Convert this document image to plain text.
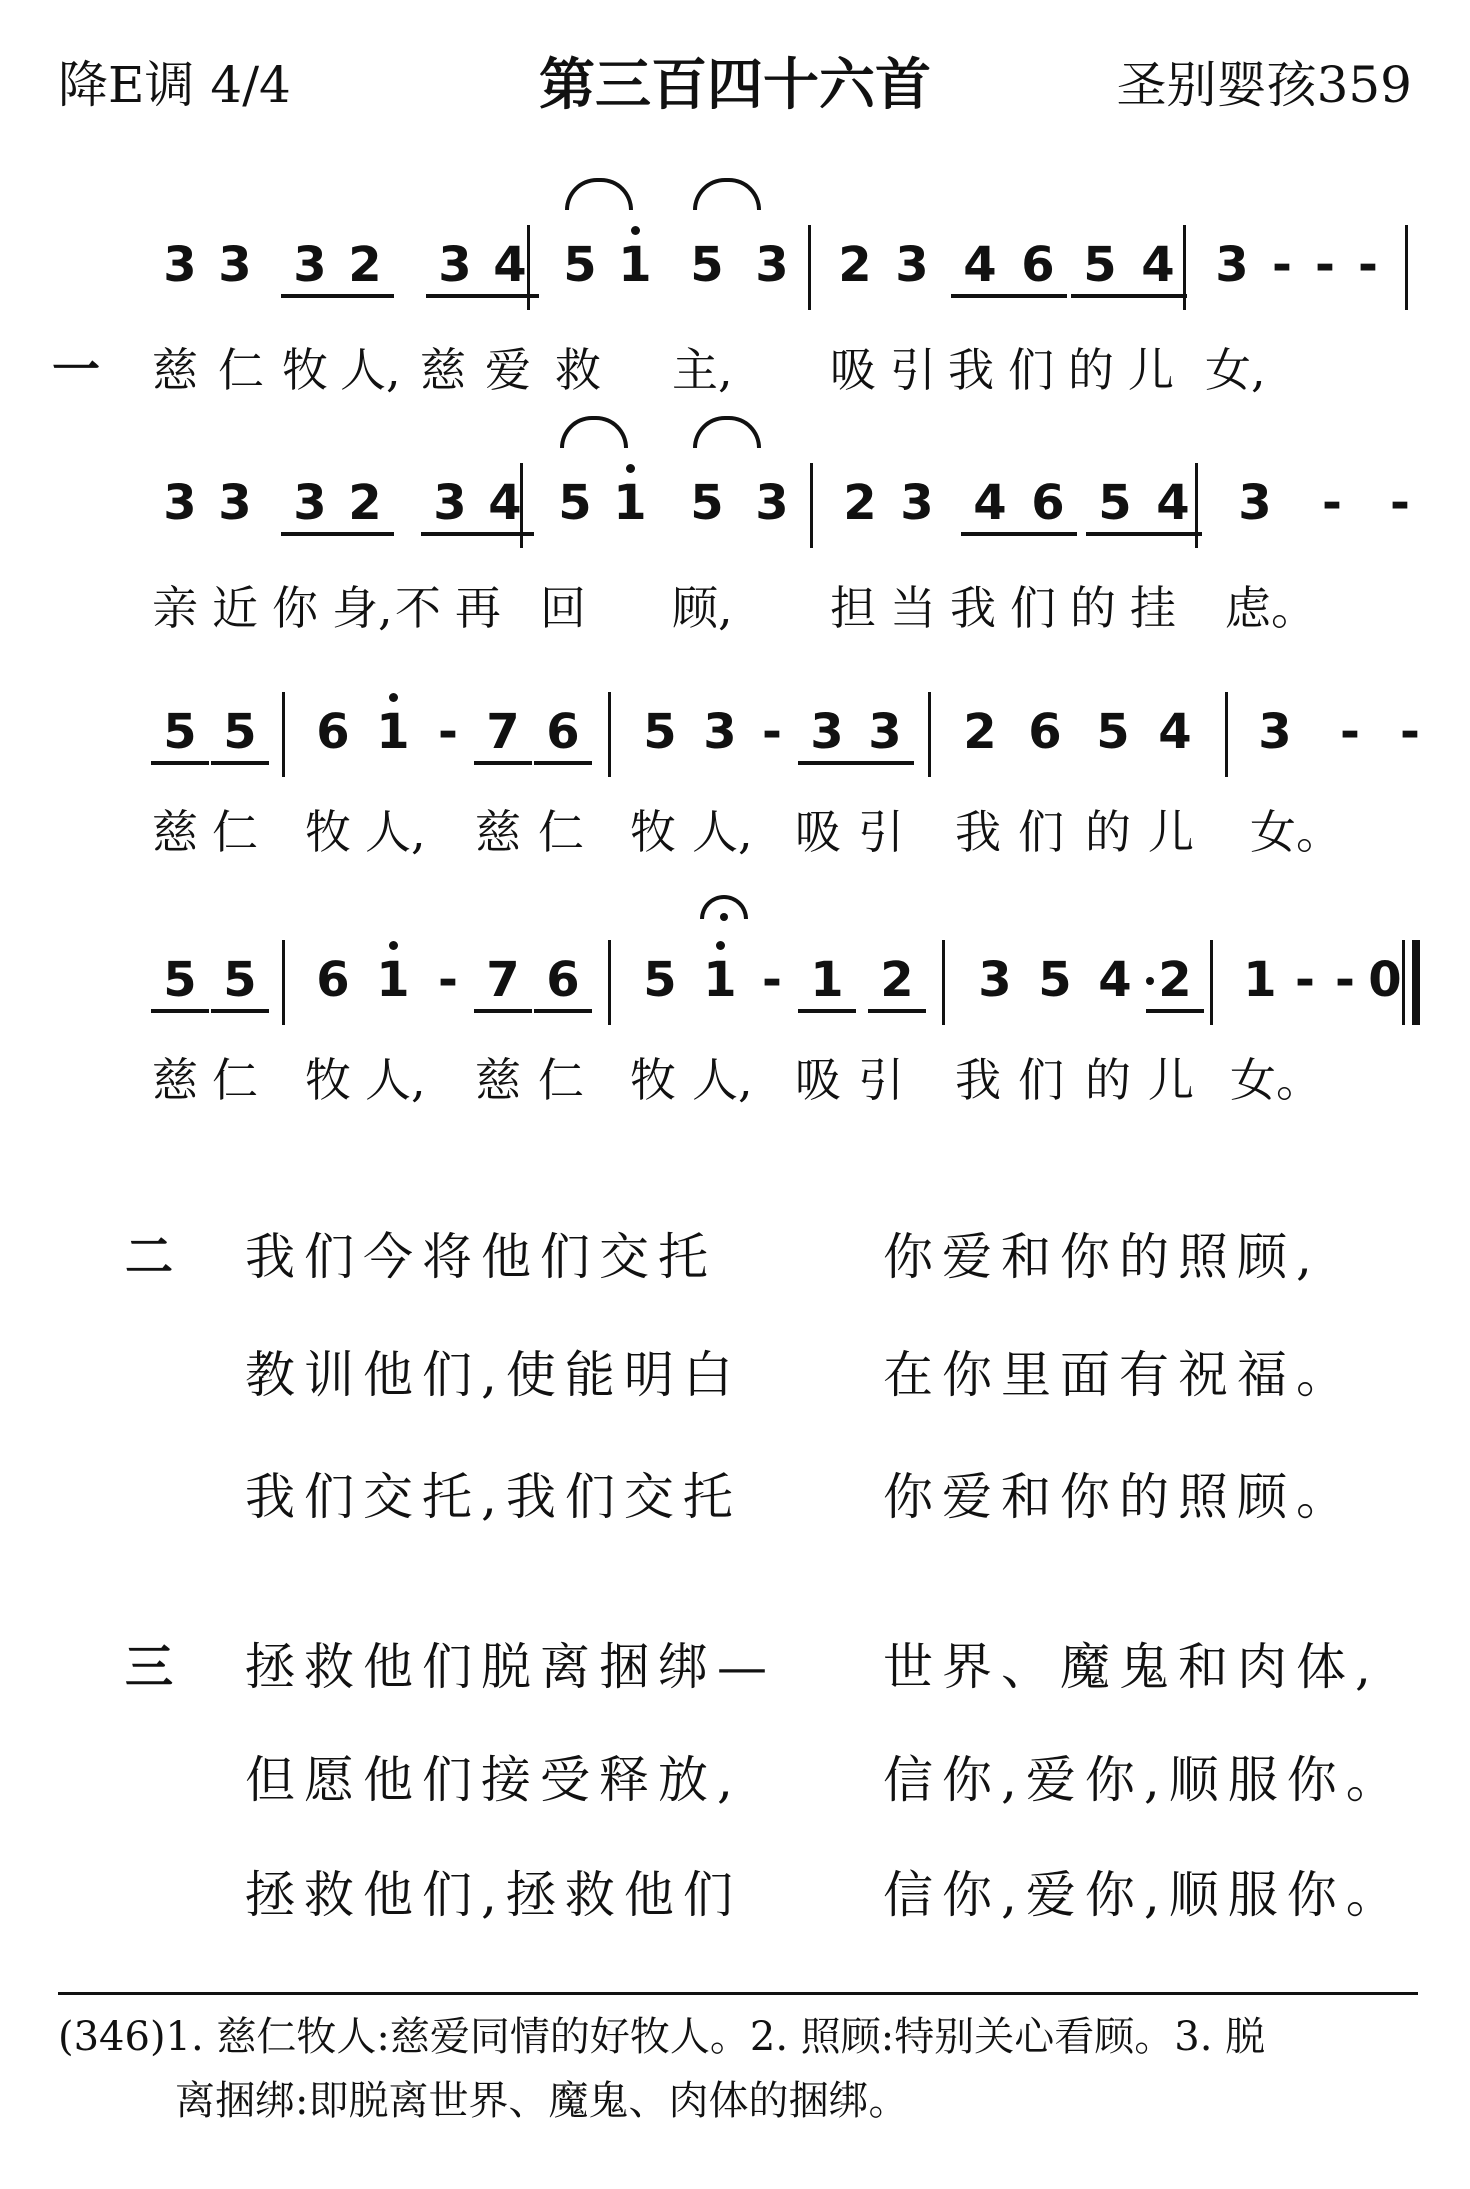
降E调 4/4	第三百四十六首	圣别婴孩359
一
3 3 3 2	3 4 5 1 5 3	2 3 4 6 5 4 3 - - -
慈 仁 牧 人, 慈 爱 救 主, 吸 引 我 们 的 儿 女,
3 3 3 2	3 4 5 1 5 3	2 3 4 6 5 4	3	-	-
亲 近 你 身, 不 再 回 顾, 担 当 我 们 的 挂 虑。
5 5	6 1 - 7 6	5 3 - 3 3	2 6 5 4	3	- -
慈 仁 牧 人, 慈 仁 牧 人, 吸 引 我 们 的 儿 女。
5 5	6 1 - 7 6	5 1 - 1 2	3 5 4 2	1 - - 0
慈 仁 牧 人, 慈 仁 牧 人, 吸 引 我 们 的 儿 女。
二 我们今将他们交托	你爱和你的照顾,
教训他们,使能明白	在你里面有祝福。
我们交托,我们交托	你爱和你的照顾。
三 拯救他们脱离捆绑— 世界、魔鬼和肉体,
但愿他们接受释放,	信你,爱你,顺服你。
拯救他们,拯救他们	信你,爱你,顺服你。
(346)1. 慈仁牧人:慈爱同情的好牧人。2. 照顾:特别关心看顾。3. 脱
离捆绑:即脱离世界、魔鬼、肉体的捆绑。
